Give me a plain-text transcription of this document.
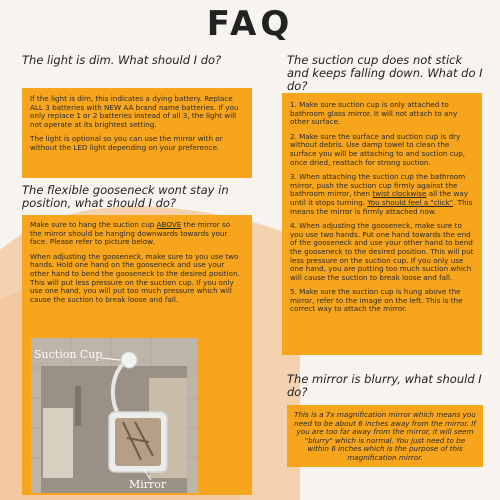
FAQ

The light is dim. What should I do?

If the light is dim, this indicates a dying battery. Replace ALL 3 batteries with NEW AA brand name batteries. If you only replace 1 or 2 batteries instead of all 3, the light will not operate at its brightest setting.

The light is optional so you can use the mirror with or without the LED light depending on your preference.

The flexible gooseneck wont stay in position, what should I do?

Make sure to hang the suction cup ABOVE the mirror so the mirror should be hanging downwards towards your face. Please refer to picture below.

When adjusting the gooseneck, make sure to you use two hands. Hold one hand on the gooseneck and use your other hand to bend the gooseneck to the desired position. This will put less pressure on the suction cup. If you only use one hand, you will put too much pressure which will cause the suction to break loose and fall.

Suction Cup
Mirror

The suction cup does not stick and keeps falling down. What do I do?

1. Make sure suction cup is only attached to bathroom glass mirror. It will not attach to any other surface.

2. Make sure the surface and suction cup is dry without debris. Use damp towel to clean the surface you will be attaching to and suction cup, once dried, reattach for strong suction.

3. When attaching the suction cup the bathroom mirror, push the suction cup firmly against the bathroom mirror, then twist clockwise all the way until it stops turning. You should feel a "click". This means the mirror is firmly attached now.

4. When adjusting the gooseneck, make sure to you use two hands. Put one hand towards the end of the gooseneck and use your other hand to bend the gooseneck to the desired position. This will put less pressure on the suction cup. If you only use one hand, you are putting too much suction which will cause the suction to break loose and fall.

5. Make sure the suction cup is hung above the mirror, refer to the image on the left. This is the correct way to attach the mirror.

The mirror is blurry, what should I do?

This is a 7x magnification mirror which means you need to be about 6 inches away from the mirror. If you are too far away from the mirror, it will seem "blurry" which is normal. You just need to be within 6 inches which is the purpose of this magnification mirror.
